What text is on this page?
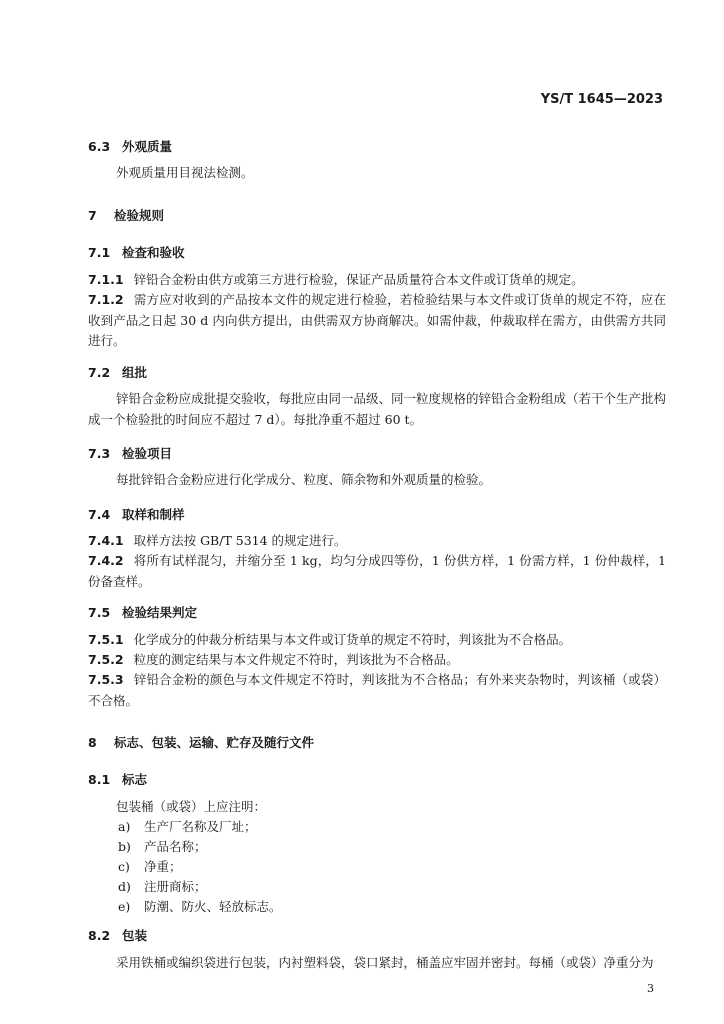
YS/T 1645—2023
6.3 外观质量
外观质量用目视法检测。
7 检验规则
7.1 检查和验收
7.1.1 锌铅合金粉由供方或第三方进行检验，保证产品质量符合本文件或订货单的规定。
7.1.2 需方应对收到的产品按本文件的规定进行检验，若检验结果与本文件或订货单的规定不符，应在收到产品之日起 30 d 内向供方提出，由供需双方协商解决。如需仲裁，仲裁取样在需方，由供需方共同进行。
7.2 组批
锌铅合金粉应成批提交验收，每批应由同一品级、同一粒度规格的锌铅合金粉组成（若干个生产批构成一个检验批的时间应不超过 7 d）。每批净重不超过 60 t。
7.3 检验项目
每批锌铅合金粉应进行化学成分、粒度、筛余物和外观质量的检验。
7.4 取样和制样
7.4.1 取样方法按 GB/T 5314 的规定进行。
7.4.2 将所有试样混匀，并缩分至 1 kg，均匀分成四等份，1 份供方样，1 份需方样，1 份仲裁样，1 份备查样。
7.5 检验结果判定
7.5.1 化学成分的仲裁分析结果与本文件或订货单的规定不符时，判该批为不合格品。
7.5.2 粒度的测定结果与本文件规定不符时，判该批为不合格品。
7.5.3 锌铅合金粉的颜色与本文件规定不符时，判该批为不合格品；有外来夹杂物时，判该桶（或袋）不合格。
8 标志、包装、运输、贮存及随行文件
8.1 标志
包装桶（或袋）上应注明：
a) 生产厂名称及厂址；
b) 产品名称；
c) 净重；
d) 注册商标；
e) 防潮、防火、轻放标志。
8.2 包装
采用铁桶或编织袋进行包装，内衬塑料袋，袋口紧封，桶盖应牢固并密封。每桶（或袋）净重分为
3
